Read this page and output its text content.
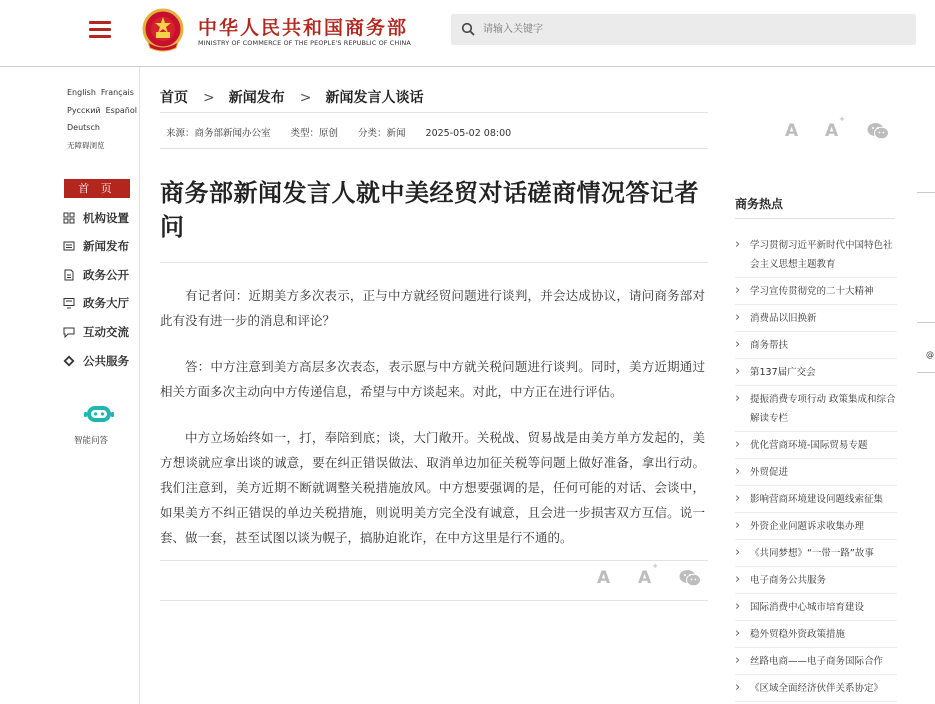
中华人民共和国商务部
MINISTRY OF COMMERCE OF THE PEOPLE'S REPUBLIC OF CHINA
请输入关键字
English Français
Русский Español
Deutsch
无障碍浏览
首 页
机构设置
新闻发布
政务公开
政务大厅
互动交流
公共服务
智能问答
首页 > 新闻发布 > 新闻发言人谈话
来源：商务部新闻办公室 类型：原创 分类：新闻 2025-05-02 08:00	A A+
商务部新闻发言人就中美经贸对话磋商情况答记者问

有记者问：近期美方多次表示，正与中方就经贸问题进行谈判，并会达成协议，请问商务部对此有没有进一步的消息和评论？

答：中方注意到美方高层多次表态，表示愿与中方就关税问题进行谈判。同时，美方近期通过相关方面多次主动向中方传递信息，希望与中方谈起来。对此，中方正在进行评估。

中方立场始终如一，打，奉陪到底；谈，大门敞开。关税战、贸易战是由美方单方发起的，美方想谈就应拿出谈的诚意，要在纠正错误做法、取消单边加征关税等问题上做好准备，拿出行动。我们注意到，美方近期不断就调整关税措施放风。中方想要强调的是，任何可能的对话、会谈中，如果美方不纠正错误的单边关税措施，则说明美方完全没有诚意，且会进一步损害双方互信。说一套、做一套，甚至试图以谈为幌子，搞胁迫讹诈，在中方这里是行不通的。

A A+
商务热点
› 学习贯彻习近平新时代中国特色社会主义思想主题教育
› 学习宣传贯彻党的二十大精神
› 消费品以旧换新
› 商务帮扶
› 第137届广交会
› 提振消费专项行动 政策集成和综合解读专栏
› 优化营商环境-国际贸易专题
› 外贸促进
› 影响营商环境建设问题线索征集
› 外资企业问题诉求收集办理
› 《共同梦想》“一带一路”故事
› 电子商务公共服务
› 国际消费中心城市培育建设
› 稳外贸稳外资政策措施
› 丝路电商——电子商务国际合作
› 《区域全面经济伙伴关系协定》
@
